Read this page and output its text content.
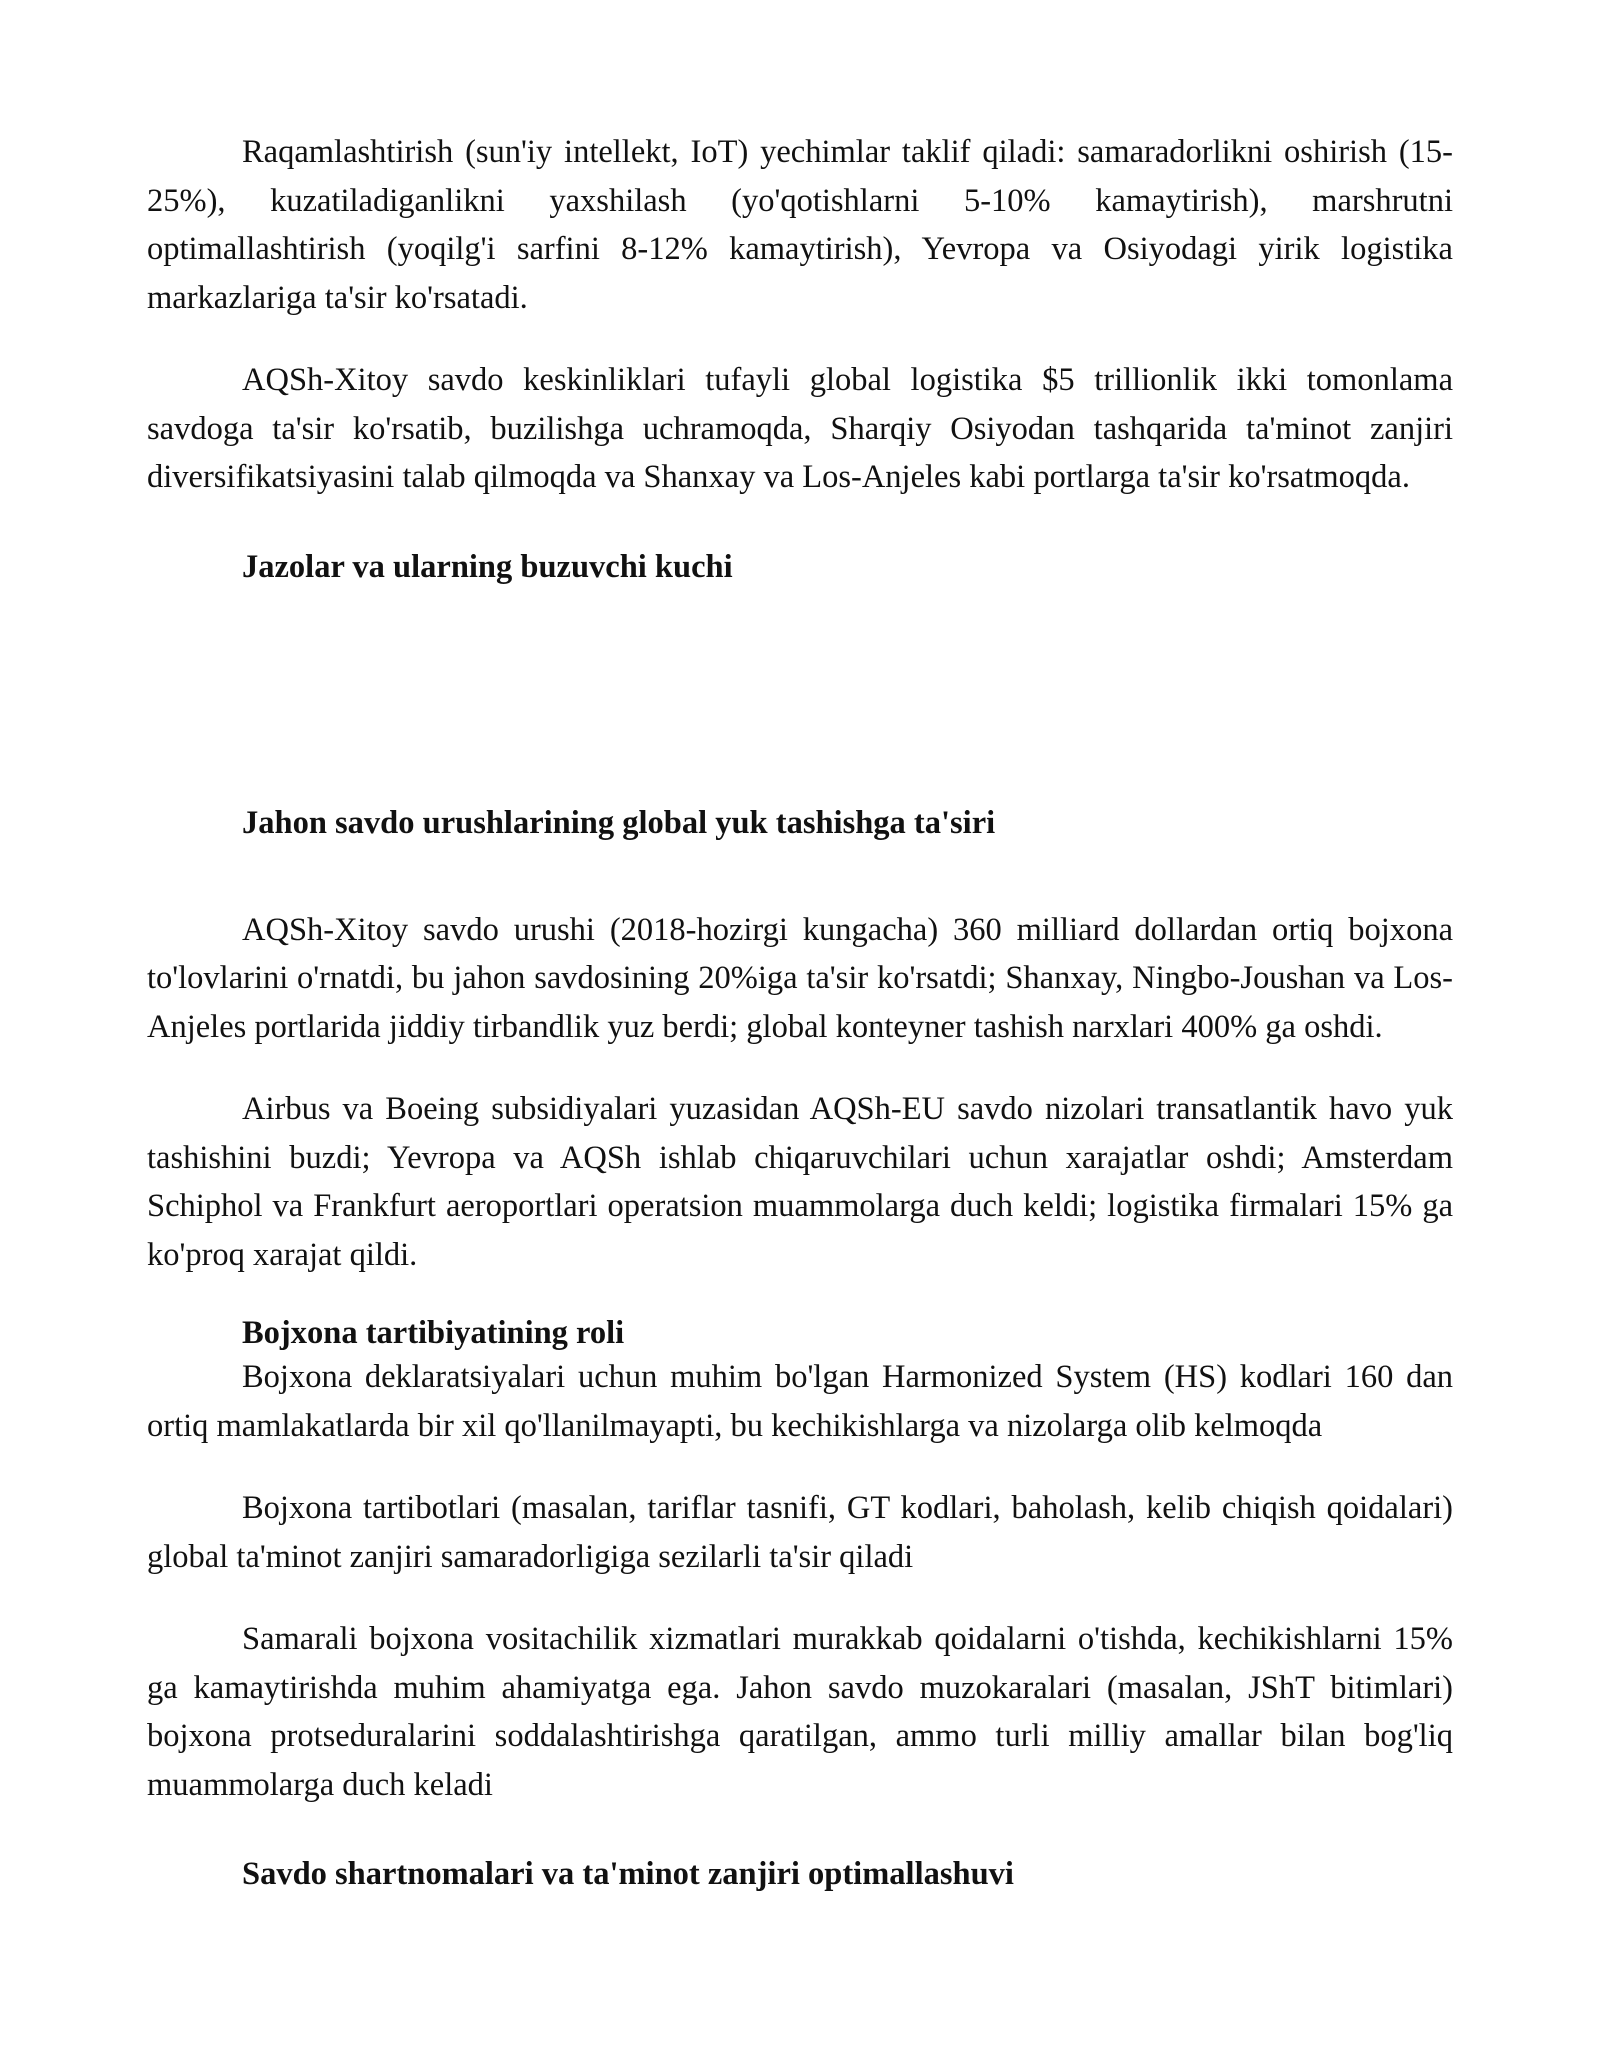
Raqamlashtirish (sun'iy intellekt, IoT) yechimlar taklif qiladi: samaradorlikni oshirish (15-25%), kuzatiladiganlikni yaxshilash (yo'qotishlarni 5-10% kamaytirish), marshrutni optimallashtirish (yoqilg'i sarfini 8-12% kamaytirish), Yevropa va Osiyodagi yirik logistika markazlariga ta'sir ko'rsatadi.

AQSh-Xitoy savdo keskinliklari tufayli global logistika $5 trillionlik ikki tomonlama savdoga ta'sir ko'rsatib, buzilishga uchramoqda, Sharqiy Osiyodan tashqarida ta'minot zanjiri diversifikatsiyasini talab qilmoqda va Shanxay va Los-Anjeles kabi portlarga ta'sir ko'rsatmoqda.

Jazolar va ularning buzuvchi kuchi
Jahon savdo urushlarining global yuk tashishga ta'siri

AQSh-Xitoy savdo urushi (2018-hozirgi kungacha) 360 milliard dollardan ortiq bojxona to'lovlarini o'rnatdi, bu jahon savdosining 20%iga ta'sir ko'rsatdi; Shanxay, Ningbo-Joushan va Los-Anjeles portlarida jiddiy tirbandlik yuz berdi; global konteyner tashish narxlari 400% ga oshdi.

Airbus va Boeing subsidiyalari yuzasidan AQSh-EU savdo nizolari transatlantik havo yuk tashishini buzdi; Yevropa va AQSh ishlab chiqaruvchilari uchun xarajatlar oshdi; Amsterdam Schiphol va Frankfurt aeroportlari operatsion muammolarga duch keldi; logistika firmalari 15% ga ko'proq xarajat qildi.

Bojxona tartibiyatining roli

Bojxona deklaratsiyalari uchun muhim bo'lgan Harmonized System (HS) kodlari 160 dan ortiq mamlakatlarda bir xil qo'llanilmayapti, bu kechikishlarga va nizolarga olib kelmoqda

Bojxona tartibotlari (masalan, tariflar tasnifi, GT kodlari, baholash, kelib chiqish qoidalari) global ta'minot zanjiri samaradorligiga sezilarli ta'sir qiladi

Samarali bojxona vositachilik xizmatlari murakkab qoidalarni o'tishda, kechikishlarni 15% ga kamaytirishda muhim ahamiyatga ega. Jahon savdo muzokaralari (masalan, JShT bitimlari) bojxona protseduralarini soddalashtirishga qaratilgan, ammo turli milliy amallar bilan bog'liq muammolarga duch keladi

Savdo shartnomalari va ta'minot zanjiri optimallashuvi
